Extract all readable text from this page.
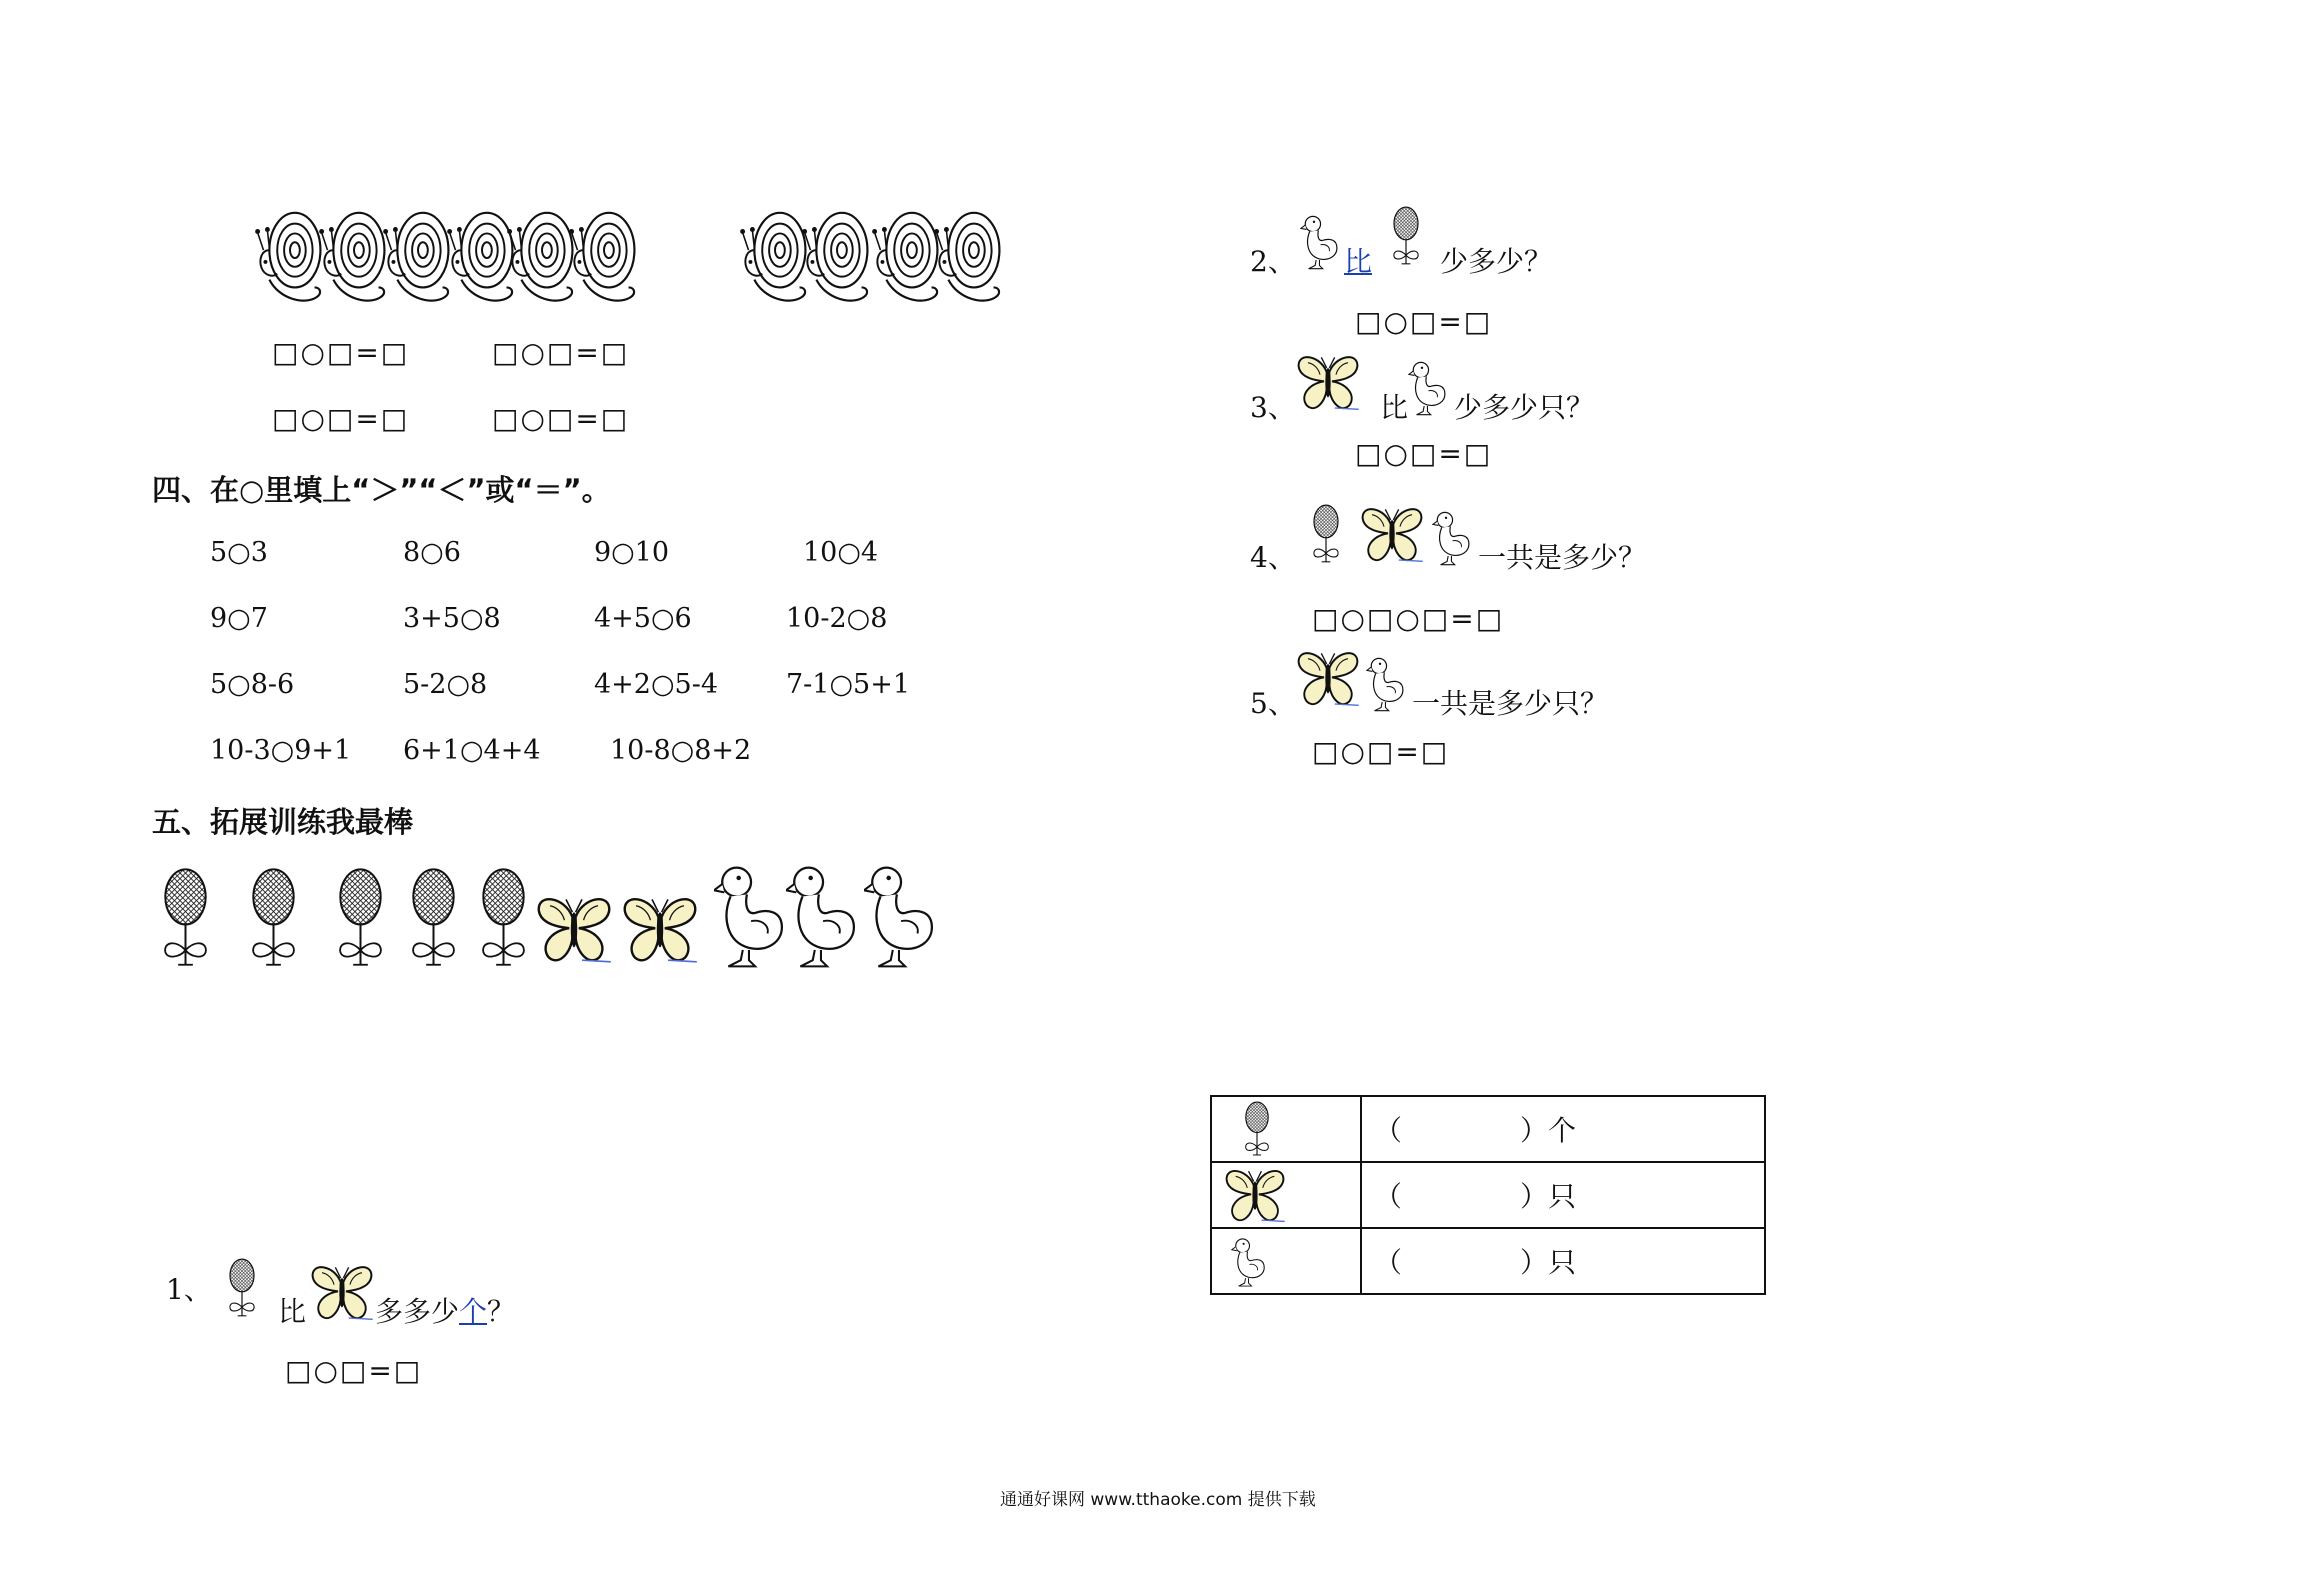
□○□=□	□○□=□
□○□=□	□○□=□
四、在○里填上“＞”“＜”或“＝”。
5○3	8○6	9○10	10○4
9○7	3+5○8	4+5○6	10-2○8
5○8-6	5-2○8	4+2○5-4	7-1○5+1
10-3○9+1 6+1○4+4	10-8○8+2
五、拓展训练我最棒
1、
比 多多少个？
□○□=□
2、 比 少多少？
□○□=□
3、	比 少多少只？
□○□=□
4、	一共是多少？
□○□○□=□
5、	一共是多少只？
□○□=□
	（ ）个

	（ ）只

	（ ）只
通通好课网 www.tthaoke.com 提供下载
